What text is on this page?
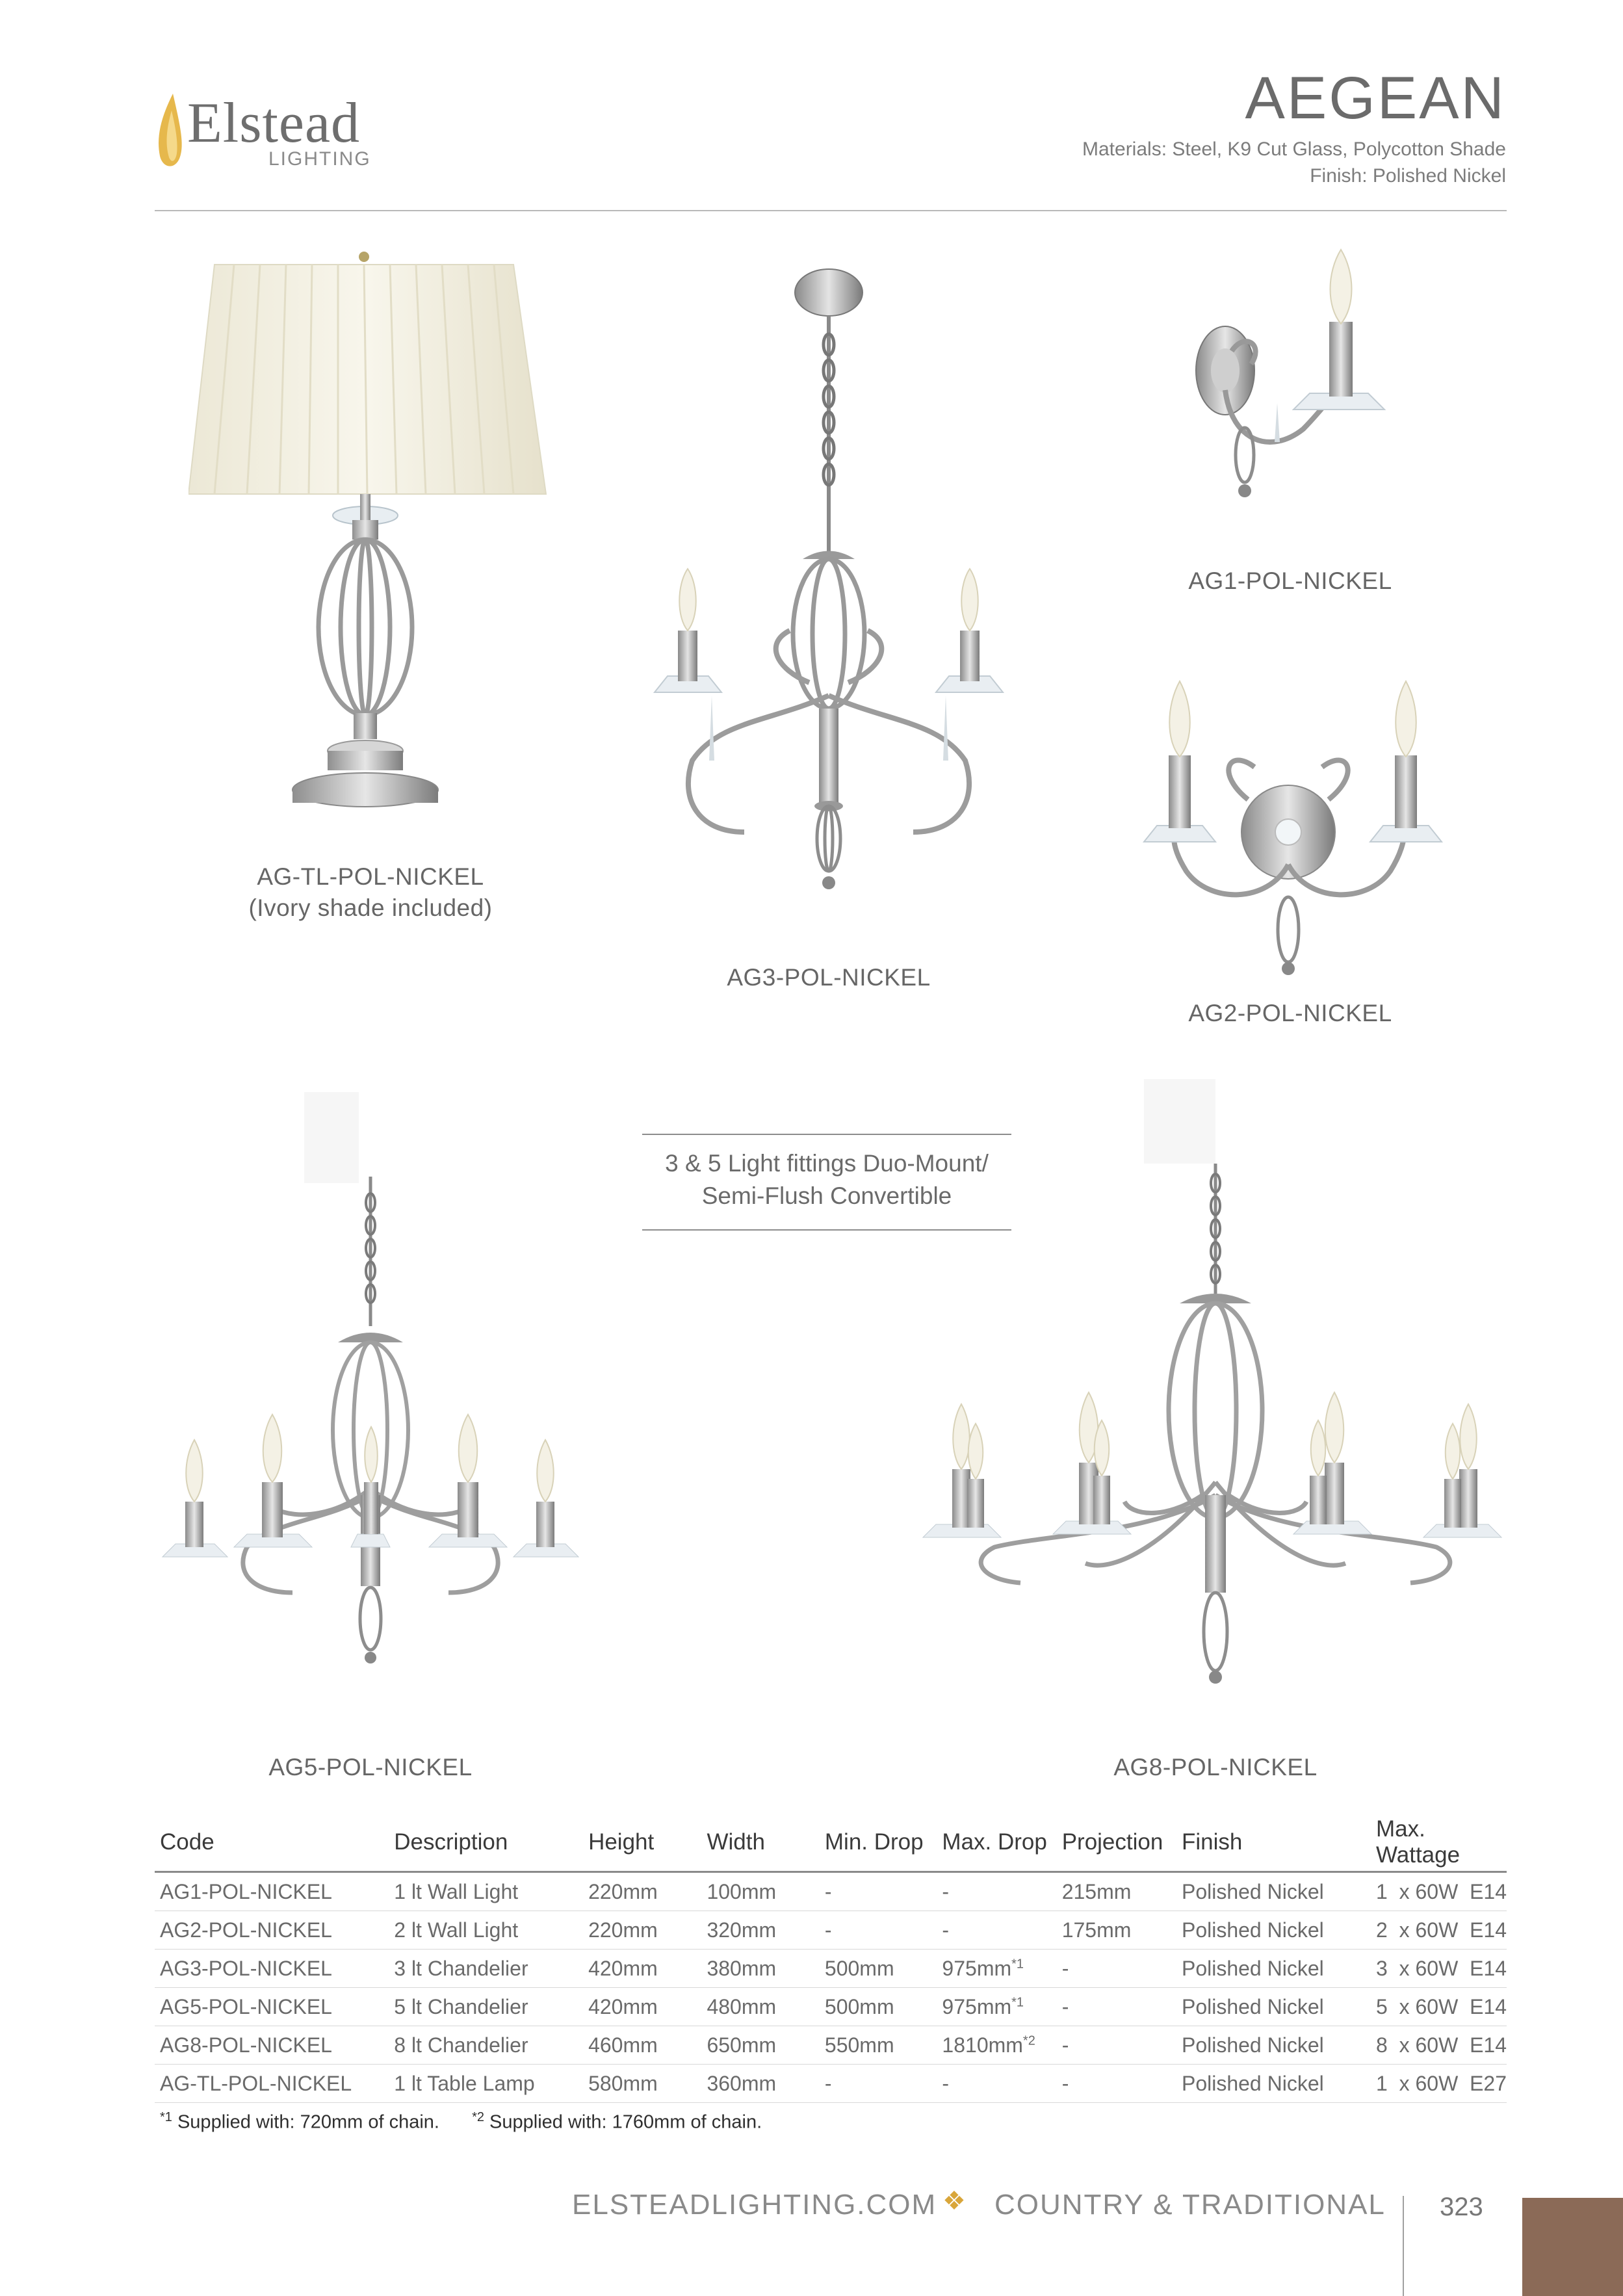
Elstead
LIGHTING
AEGEAN
Materials: Steel, K9 Cut Glass, Polycotton Shade
Finish: Polished Nickel
AG-TL-POL-NICKEL
(Ivory shade included)
AG3-POL-NICKEL
AG1-POL-NICKEL
AG2-POL-NICKEL
3 & 5 Light fittings Duo-Mount/
Semi-Flush Convertible
AG5-POL-NICKEL	AG8-POL-NICKEL
Code	Description	Height	Width	Min. Drop	Max. Drop	Projection	Finish	Max. Wattage
AG1-POL-NICKEL	1 lt Wall Light	220mm	100mm	-	-	215mm	Polished Nickel	1  x 60W  E14
AG2-POL-NICKEL	2 lt Wall Light	220mm	320mm	-	-	175mm	Polished Nickel	2  x 60W  E14
AG3-POL-NICKEL	3 lt Chandelier	420mm	380mm	500mm	$975mm^{*1}$	-	Polished Nickel	3  x 60W  E14
AG5-POL-NICKEL	5 lt Chandelier	420mm	480mm	500mm	$975mm^{*1}$	-	Polished Nickel	5  x 60W  E14
AG8-POL-NICKEL	8 lt Chandelier	460mm	650mm	550mm	$1810mm^{*2}$	-	Polished Nickel	8  x 60W  E14
AG-TL-POL-NICKEL	1 lt Table Lamp	580mm	360mm	-	-	-	Polished Nickel	1  x 60W  E27
$^{*1}$ Supplied with: 720mm of chain.	$^{*2}$ Supplied with: 1760mm of chain.
ELSTEADLIGHTING.COM ❖ COUNTRY & TRADITIONAL 323
